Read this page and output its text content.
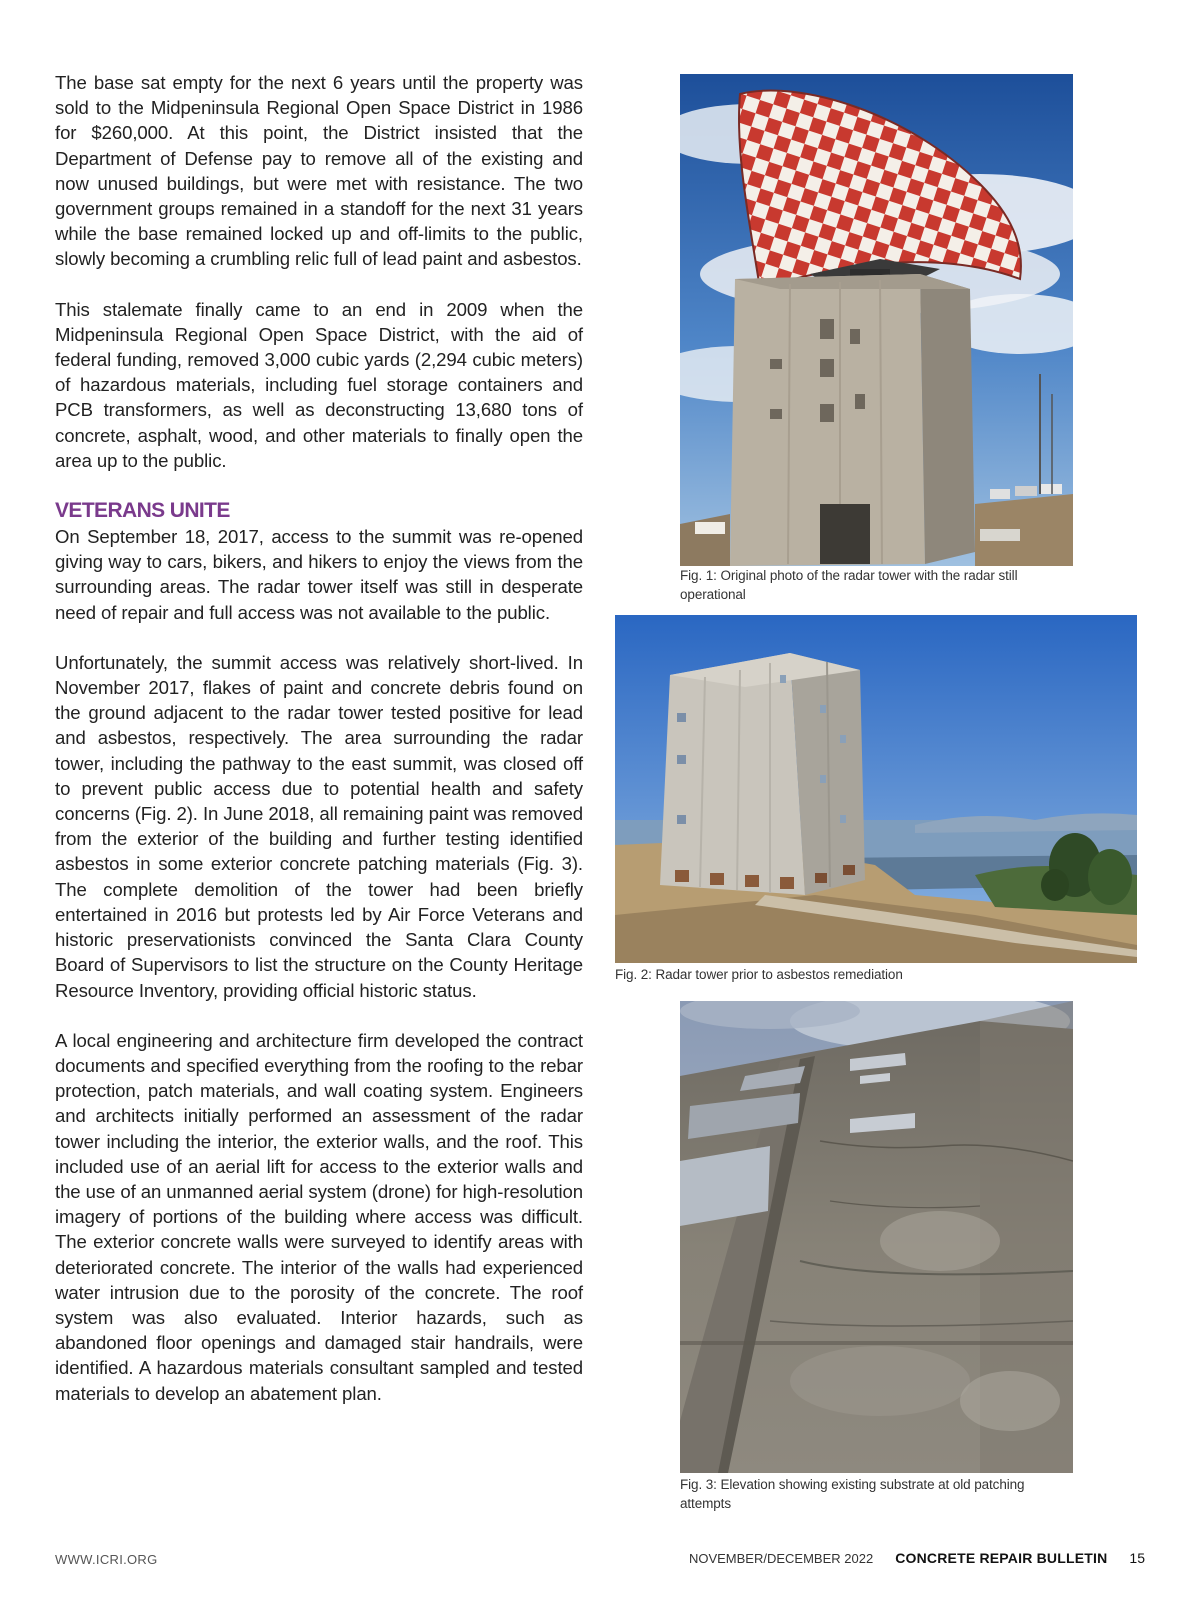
The base sat empty for the next 6 years until the property was sold to the Midpeninsula Regional Open Space District in 1986 for $260,000. At this point, the District insisted that the Department of Defense pay to remove all of the existing and now unused buildings, but were met with resistance. The two government groups remained in a standoff for the next 31 years while the base remained locked up and off-limits to the public, slowly becoming a crumbling relic full of lead paint and asbestos.

This stalemate finally came to an end in 2009 when the Midpeninsula Regional Open Space District, with the aid of federal funding, removed 3,000 cubic yards (2,294 cubic meters) of hazardous materials, including fuel storage containers and PCB transformers, as well as deconstructing 13,680 tons of concrete, asphalt, wood, and other materials to finally open the area up to the public.

VETERANS UNITE

On September 18, 2017, access to the summit was re-opened giving way to cars, bikers, and hikers to enjoy the views from the surrounding areas. The radar tower itself was still in desperate need of repair and full access was not available to the public.

Unfortunately, the summit access was relatively short-lived. In November 2017, flakes of paint and concrete debris found on the ground adjacent to the radar tower tested positive for lead and asbestos, respectively. The area surrounding the radar tower, including the pathway to the east summit, was closed off to prevent public access due to potential health and safety concerns (Fig. 2). In June 2018, all remaining paint was removed from the exterior of the building and further testing identified asbestos in some exterior concrete patching materials (Fig. 3). The complete demolition of the tower had been briefly entertained in 2016 but protests led by Air Force Veterans and historic preservationists convinced the Santa Clara County Board of Supervisors to list the structure on the County Heritage Resource Inventory, providing official historic status.

A local engineering and architecture firm developed the contract documents and specified everything from the roofing to the rebar protection, patch materials, and wall coating system. Engineers and architects initially performed an assessment of the radar tower including the interior, the exterior walls, and the roof. This included use of an aerial lift for access to the exterior walls and the use of an unmanned aerial system (drone) for high-resolution imagery of portions of the building where access was difficult. The exterior concrete walls were surveyed to identify areas with deteriorated concrete. The interior of the walls had experienced water intrusion due to the porosity of the concrete. The roof system was also evaluated. Interior hazards, such as abandoned floor openings and damaged stair handrails, were identified. A hazardous materials consultant sampled and tested materials to develop an abatement plan.

Fig. 1: Original photo of the radar tower with the radar still operational
Fig. 2: Radar tower prior to asbestos remediation
Fig. 3: Elevation showing existing substrate at old patching attempts
WWW.ICRI.ORG	NOVEMBER/DECEMBER 2022 CONCRETE REPAIR BULLETIN 15
